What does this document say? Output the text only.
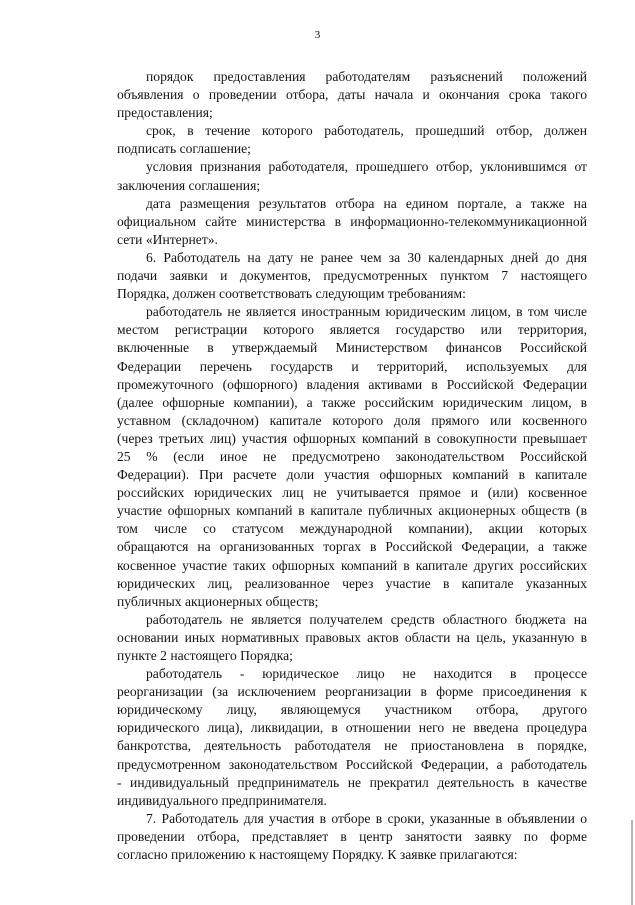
3
порядок предоставления работодателям разъяснений положений
объявления о проведении отбора, даты начала и окончания срока такого
предоставления;
срок, в течение которого работодатель, прошедший отбор, должен
подписать соглашение;
условия признания работодателя, прошедшего отбор, уклонившимся от
заключения соглашения;
дата размещения результатов отбора на едином портале, а также на
официальном сайте министерства в информационно-телекоммуникационной
сети «Интернет».
6. Работодатель на дату не ранее чем за 30 календарных дней до дня
подачи заявки и документов, предусмотренных пунктом 7 настоящего
Порядка, должен соответствовать следующим требованиям:
работодатель не является иностранным юридическим лицом, в том числе
местом регистрации которого является государство или территория,
включенные в утверждаемый Министерством финансов Российской
Федерации перечень государств и территорий, используемых для
промежуточного (офшорного) владения активами в Российской Федерации
(далее офшорные компании), а также российским юридическим лицом, в
уставном (складочном) капитале которого доля прямого или косвенного
(через третьих лиц) участия офшорных компаний в совокупности превышает
25 % (если иное не предусмотрено законодательством Российской
Федерации). При расчете доли участия офшорных компаний в капитале
российских юридических лиц не учитывается прямое и (или) косвенное
участие офшорных компаний в капитале публичных акционерных обществ (в
том числе со статусом международной компании), акции которых
обращаются на организованных торгах в Российской Федерации, а также
косвенное участие таких офшорных компаний в капитале других российских
юридических лиц, реализованное через участие в капитале указанных
публичных акционерных обществ;
работодатель не является получателем средств областного бюджета на
основании иных нормативных правовых актов области на цель, указанную в
пункте 2 настоящего Порядка;
работодатель - юридическое лицо не находится в процессе
реорганизации (за исключением реорганизации в форме присоединения к
юридическому лицу, являющемуся участником отбора, другого
юридического лица), ликвидации, в отношении него не введена процедура
банкротства, деятельность работодателя не приостановлена в порядке,
предусмотренном законодательством Российской Федерации, а работодатель
- индивидуальный предприниматель не прекратил деятельность в качестве
индивидуального предпринимателя.
7. Работодатель для участия в отборе в сроки, указанные в объявлении о
проведении отбора, представляет в центр занятости заявку по форме
согласно приложению к настоящему Порядку. К заявке прилагаются:
